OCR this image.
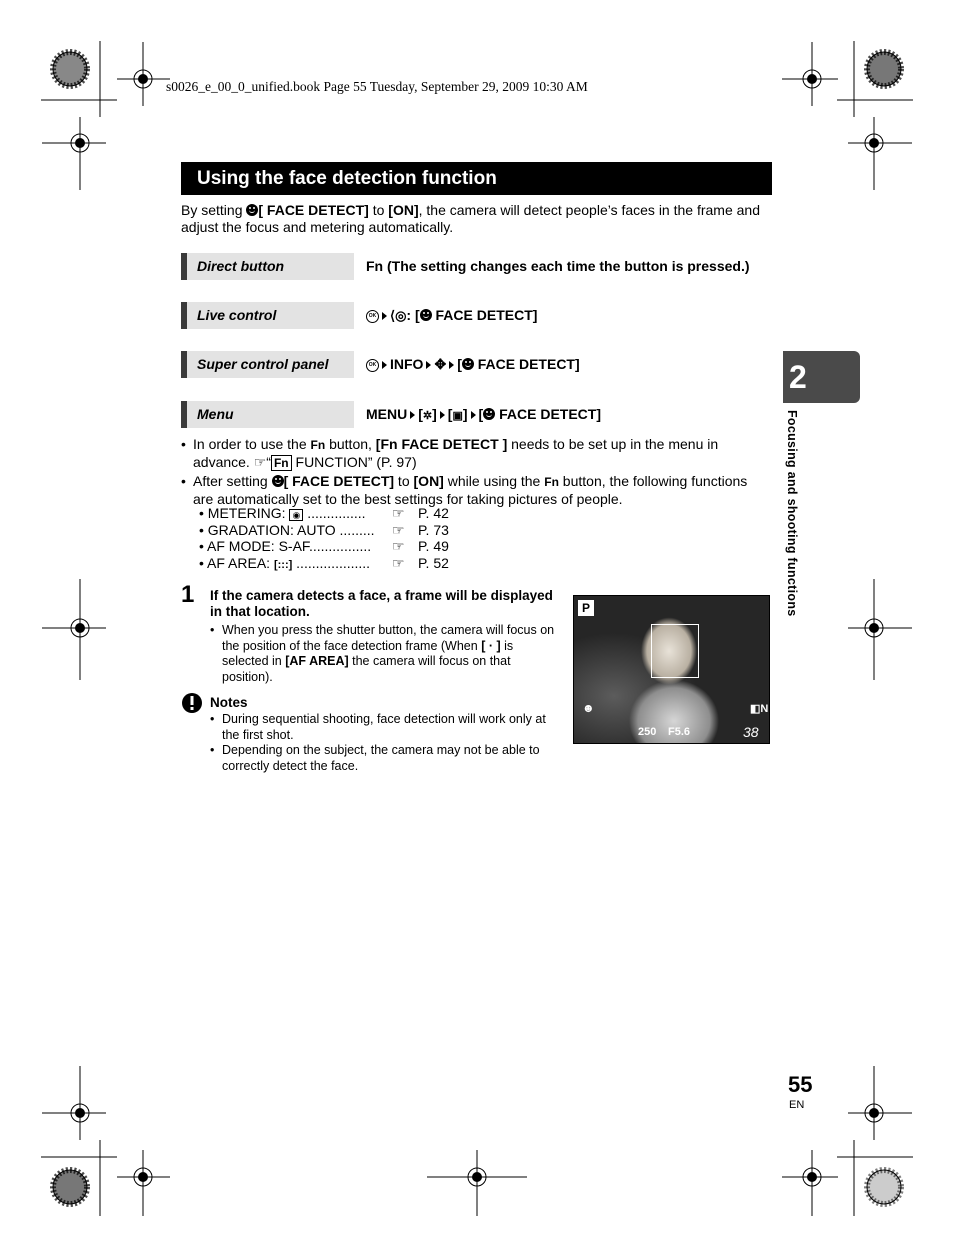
s0026_e_00_0_unified.book Page 55 Tuesday, September 29, 2009 10:30 AM
Using the face detection function
By setting [ FACE DETECT] to [ON], the camera will detect people’s faces in the frame and adjust the focus and metering automatically.
Direct button	Fn (The setting changes each time the button is pressed.)
Live control	OK ⟨◎: [ FACE DETECT]
Super control panel	OK INFO ✥ [ FACE DETECT]
Menu	MENU [✲] [▣] [ FACE DETECT]
• In order to use the Fn button, [Fn FACE DETECT ] needs to be set up in the menu in
advance. ☞“ Fn FUNCTION” (P. 97)
• After setting [ FACE DETECT] to [ON] while using the Fn button, the following functions
are automatically set to the best settings for taking pictures of people.
• METERING: ◉ ............... ☞ P. 42
• GRADATION: AUTO ......... ☞ P. 73
• AF MODE: S-AF................ ☞ P. 49
• AF AREA: [:::] ................... ☞ P. 52
1 If the camera detects a face, a frame will be displayed in that location.
• When you press the shutter button, the camera will focus on the position of the face detection frame (When [ · ] is selected in [AF AREA] the camera will focus on that position).
Notes
• During sequential shooting, face detection will work only at the first shot.
• Depending on the subject, the camera may not be able to correctly detect the face.
P
☻	◧N
250 F5.6	38
2
Focusing and shooting functions
55
EN
